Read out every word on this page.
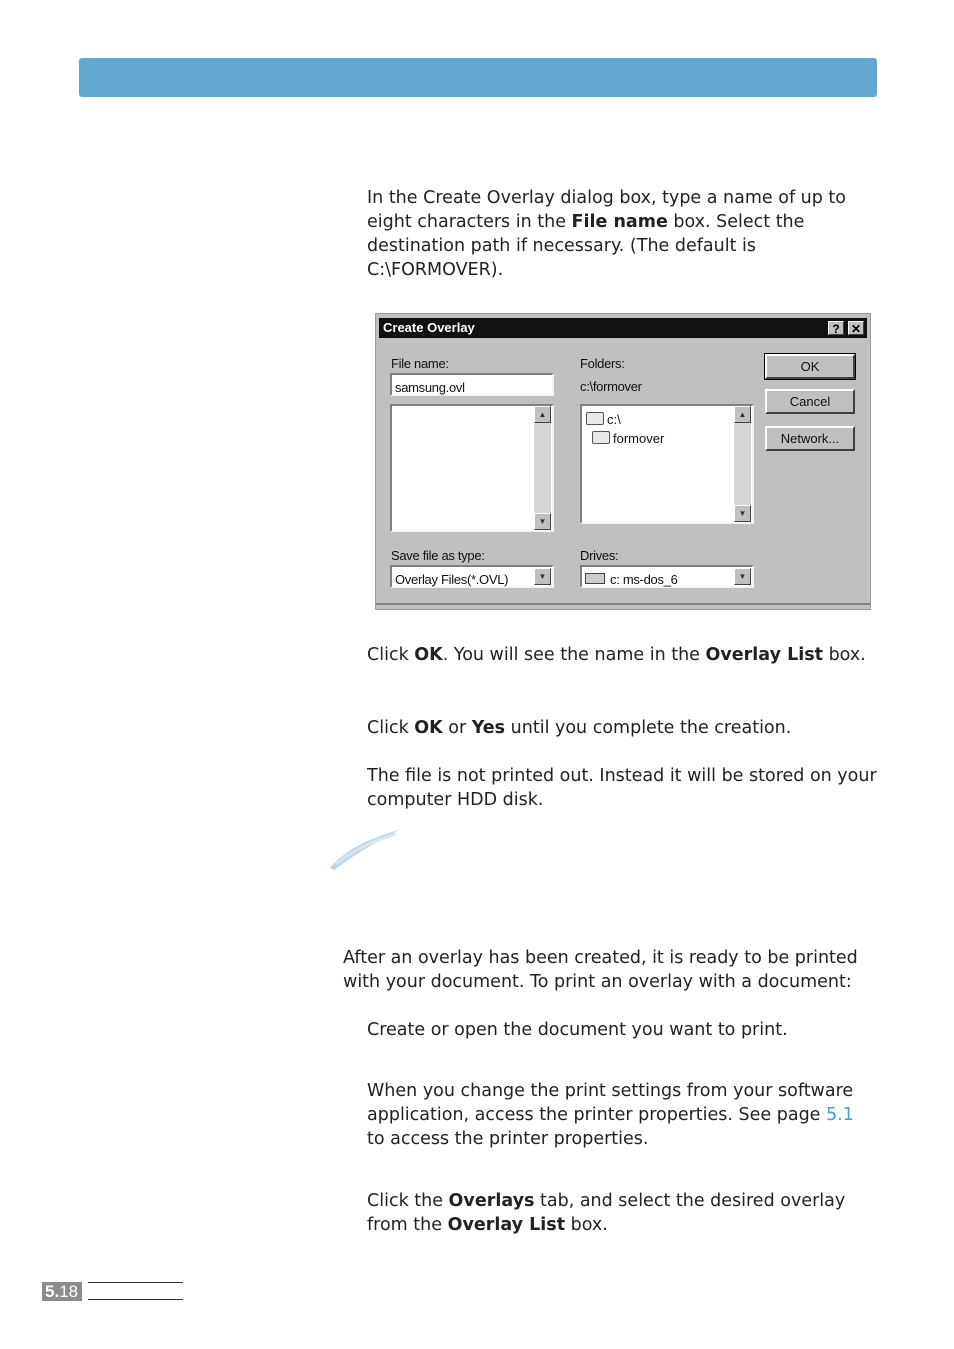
In the Create Overlay dialog box, type a name of up to eight characters in the File name box. Select the destination path if necessary. (The default is C:\FORMOVER).

Create Overlay	? ✕
File name:
samsung.ovl
▲
▼
Folders:
c:\formover
c:\
formover
▲
▼
Save file as type:
Overlay Files(*.OVL)	▼
Drives:
c: ms-dos_6	▼
OK
Cancel
Network...

Click OK. You will see the name in the Overlay List box.

Click OK or Yes until you complete the creation.

The file is not printed out. Instead it will be stored on your computer HDD disk.

After an overlay has been created, it is ready to be printed with your document. To print an overlay with a document:

Create or open the document you want to print.

When you change the print settings from your software application, access the printer properties. See page 5.1 to access the printer properties.

Click the Overlays tab, and select the desired overlay from the Overlay List box.

5.18
